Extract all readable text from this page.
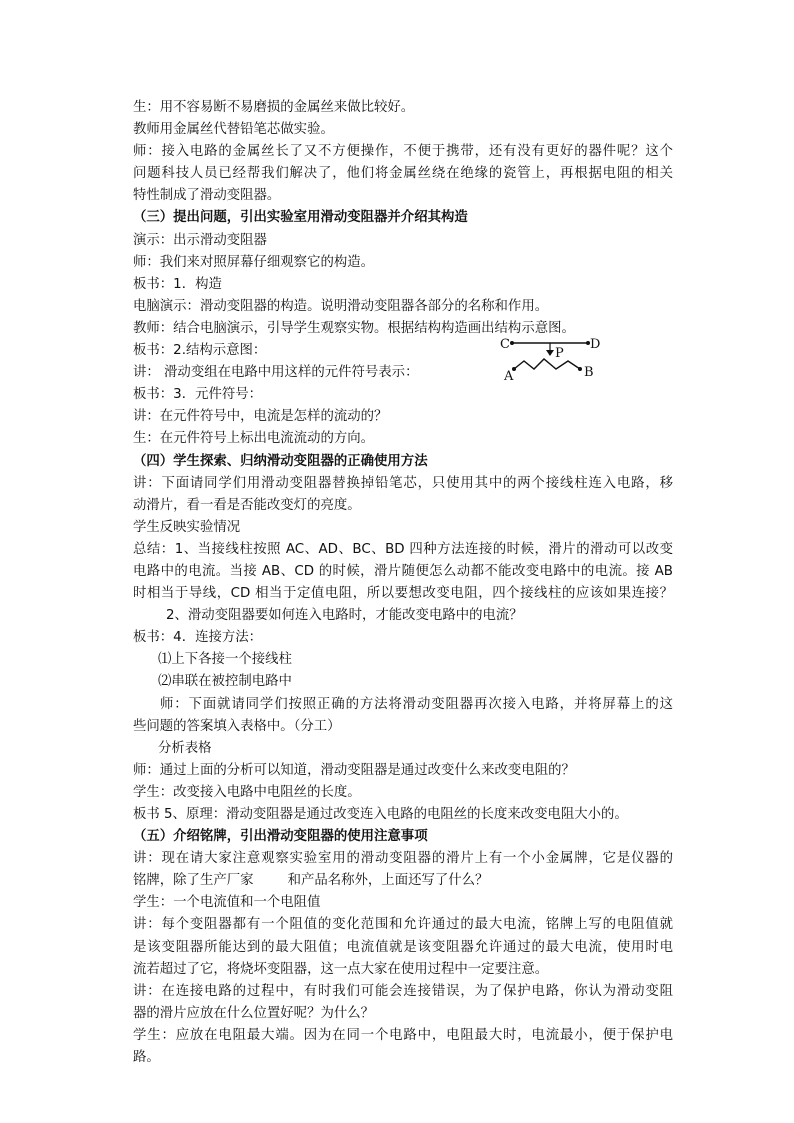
生：用不容易断不易磨损的金属丝来做比较好。
教师用金属丝代替铅笔芯做实验。
师：接入电路的金属丝长了又不方便操作，不便于携带，还有没有更好的器件呢？这个
问题科技人员已经帮我们解决了，他们将金属丝绕在绝缘的瓷管上，再根据电阻的相关
特性制成了滑动变阻器。
（三）提出问题，引出实验室用滑动变阻器并介绍其构造
演示：出示滑动变阻器
师：我们来对照屏幕仔细观察它的构造。
板书：1．构造
电脑演示：滑动变阻器的构造。说明滑动变阻器各部分的名称和作用。
教师：结合电脑演示，引导学生观察实物。根据结构构造画出结构示意图。
板书：2.结构示意图：
讲： 滑动变组在电路中用这样的元件符号表示：
板书：3．元件符号：
讲：在元件符号中，电流是怎样的流动的？
生：在元件符号上标出电流流动的方向。
（四）学生探索、归纳滑动变阻器的正确使用方法
讲：下面请同学们用滑动变阻器替换掉铅笔芯，只使用其中的两个接线柱连入电路，移
动滑片，看一看是否能改变灯的亮度。
学生反映实验情况
总结：1、当接线柱按照 AC、AD、BC、BD 四种方法连接的时候，滑片的滑动可以改变
电路中的电流。当接 AB、CD 的时候，滑片随便怎么动都不能改变电路中的电流。接 AB
时相当于导线，CD 相当于定值电阻，所以要想改变电阻，四个接线柱的应该如果连接？
2、滑动变阻器要如何连入电路时，才能改变电路中的电流？
板书：4．连接方法：
⑴上下各接一个接线柱
⑵串联在被控制电路中
师：下面就请同学们按照正确的方法将滑动变阻器再次接入电路，并将屏幕上的这
些问题的答案填入表格中。（分工）
分析表格
师：通过上面的分析可以知道，滑动变阻器是通过改变什么来改变电阻的？
学生：改变接入电路中电阻丝的长度。
板书 5、原理：滑动变阻器是通过改变连入电路的电阻丝的长度来改变电阻大小的。
（五）介绍铭牌，引出滑动变阻器的使用注意事项
讲：现在请大家注意观察实验室用的滑动变阻器的滑片上有一个小金属牌，它是仪器的
铭牌，除了生产厂家        和产品名称外，上面还写了什么？
学生：一个电流值和一个电阻值
讲：每个变阻器都有一个阻值的变化范围和允许通过的最大电流，铭牌上写的电阻值就
是该变阻器所能达到的最大阻值；电流值就是该变阻器允许通过的最大电流，使用时电
流若超过了它，将烧坏变阻器，这一点大家在使用过程中一定要注意。
讲：在连接电路的过程中，有时我们可能会连接错误，为了保护电路，你认为滑动变阻
器的滑片应放在什么位置好呢？为什么？
学生：应放在电阻最大端。因为在同一个电路中，电阻最大时，电流最小，便于保护电
路。
C	D
P
A	B
